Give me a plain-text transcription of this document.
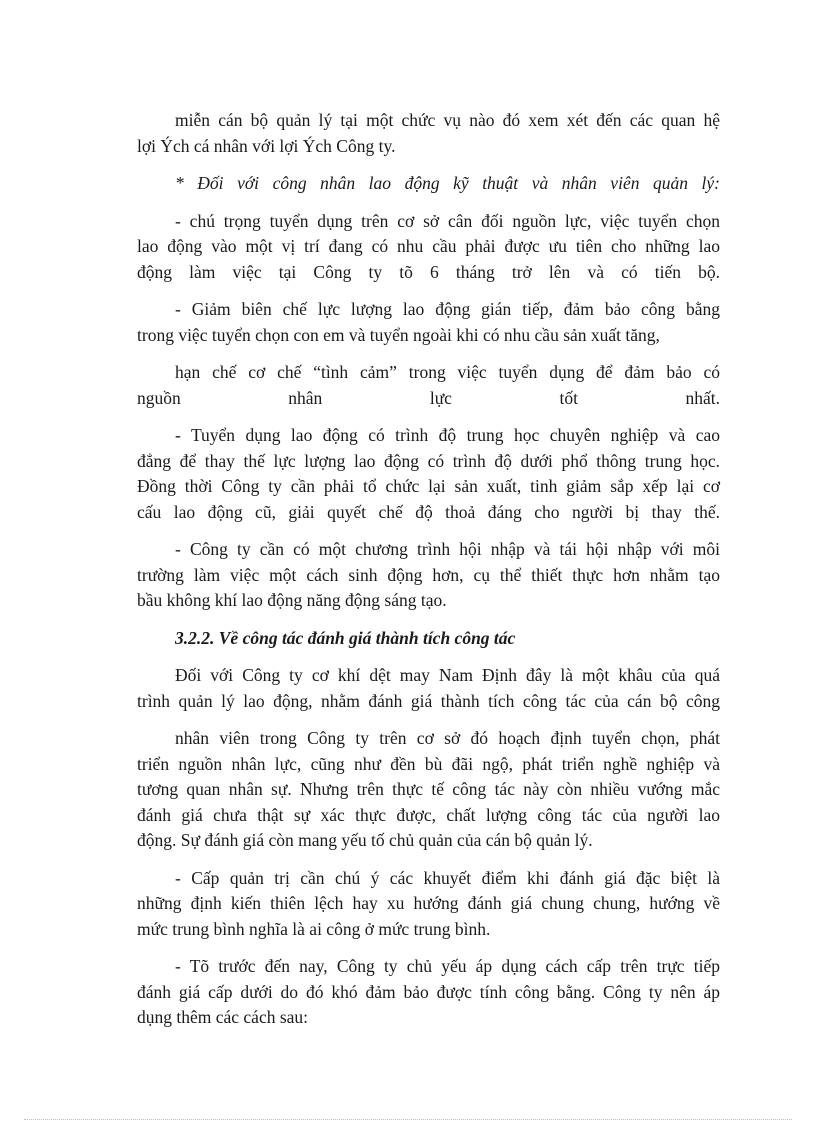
miễn cán bộ quản lý tại một chức vụ nào đó xem xét đến các quan hệ
lợi Ých cá nhân với lợi Ých Công ty.
* Đối với công nhân lao động kỹ thuật và nhân viên quản lý:
- chú trọng tuyển dụng trên cơ sở cân đối nguồn lực, việc tuyển chọn
lao động vào một vị trí đang có nhu cầu phải được ưu tiên cho những lao
động làm việc tại Công ty tõ 6 tháng trở lên và có tiến bộ.
- Giảm biên chế lực lượng lao động gián tiếp, đảm bảo công bằng
trong việc tuyển chọn con em và tuyển ngoài khi có nhu cầu sản xuất tăng,
hạn chế cơ chế “tình cảm” trong việc tuyển dụng để đảm bảo có
nguồn nhân lực tốt nhất.
- Tuyển dụng lao động có trình độ trung học chuyên nghiệp và cao
đẳng để thay thế lực lượng lao động có trình độ dưới phổ thông trung học.
Đồng thời Công ty cần phải tổ chức lại sản xuất, tinh giảm sắp xếp lại cơ
cấu lao động cũ, giải quyết chế độ thoả đáng cho người bị thay thế.
- Công ty cần có một chương trình hội nhập và tái hội nhập với môi
trường làm việc một cách sinh động hơn, cụ thể thiết thực hơn nhằm tạo
bầu không khí lao động năng động sáng tạo.
3.2.2. Về công tác đánh giá thành tích công tác
Đối với Công ty cơ khí dệt may Nam Định đây là một khâu của quá
trình quản lý lao động, nhằm đánh giá thành tích công tác của cán bộ công
nhân viên trong Công ty trên cơ sở đó hoạch định tuyển chọn, phát
triển nguồn nhân lực, cũng như đền bù đãi ngộ, phát triển nghề nghiệp và
tương quan nhân sự. Nhưng trên thực tế công tác này còn nhiều vướng mắc
đánh giá chưa thật sự xác thực được, chất lượng công tác của người lao
động. Sự đánh giá còn mang yếu tố chủ quản của cán bộ quản lý.
- Cấp quản trị cần chú ý các khuyết điểm khi đánh giá đặc biệt là
những định kiến thiên lệch hay xu hướng đánh giá chung chung, hướng về
mức trung bình nghĩa là ai công ở mức trung bình.
- Tõ trước đến nay, Công ty chủ yếu áp dụng cách cấp trên trực tiếp
đánh giá cấp dưới do đó khó đảm bảo được tính công bằng. Công ty nên áp
dụng thêm các cách sau:
